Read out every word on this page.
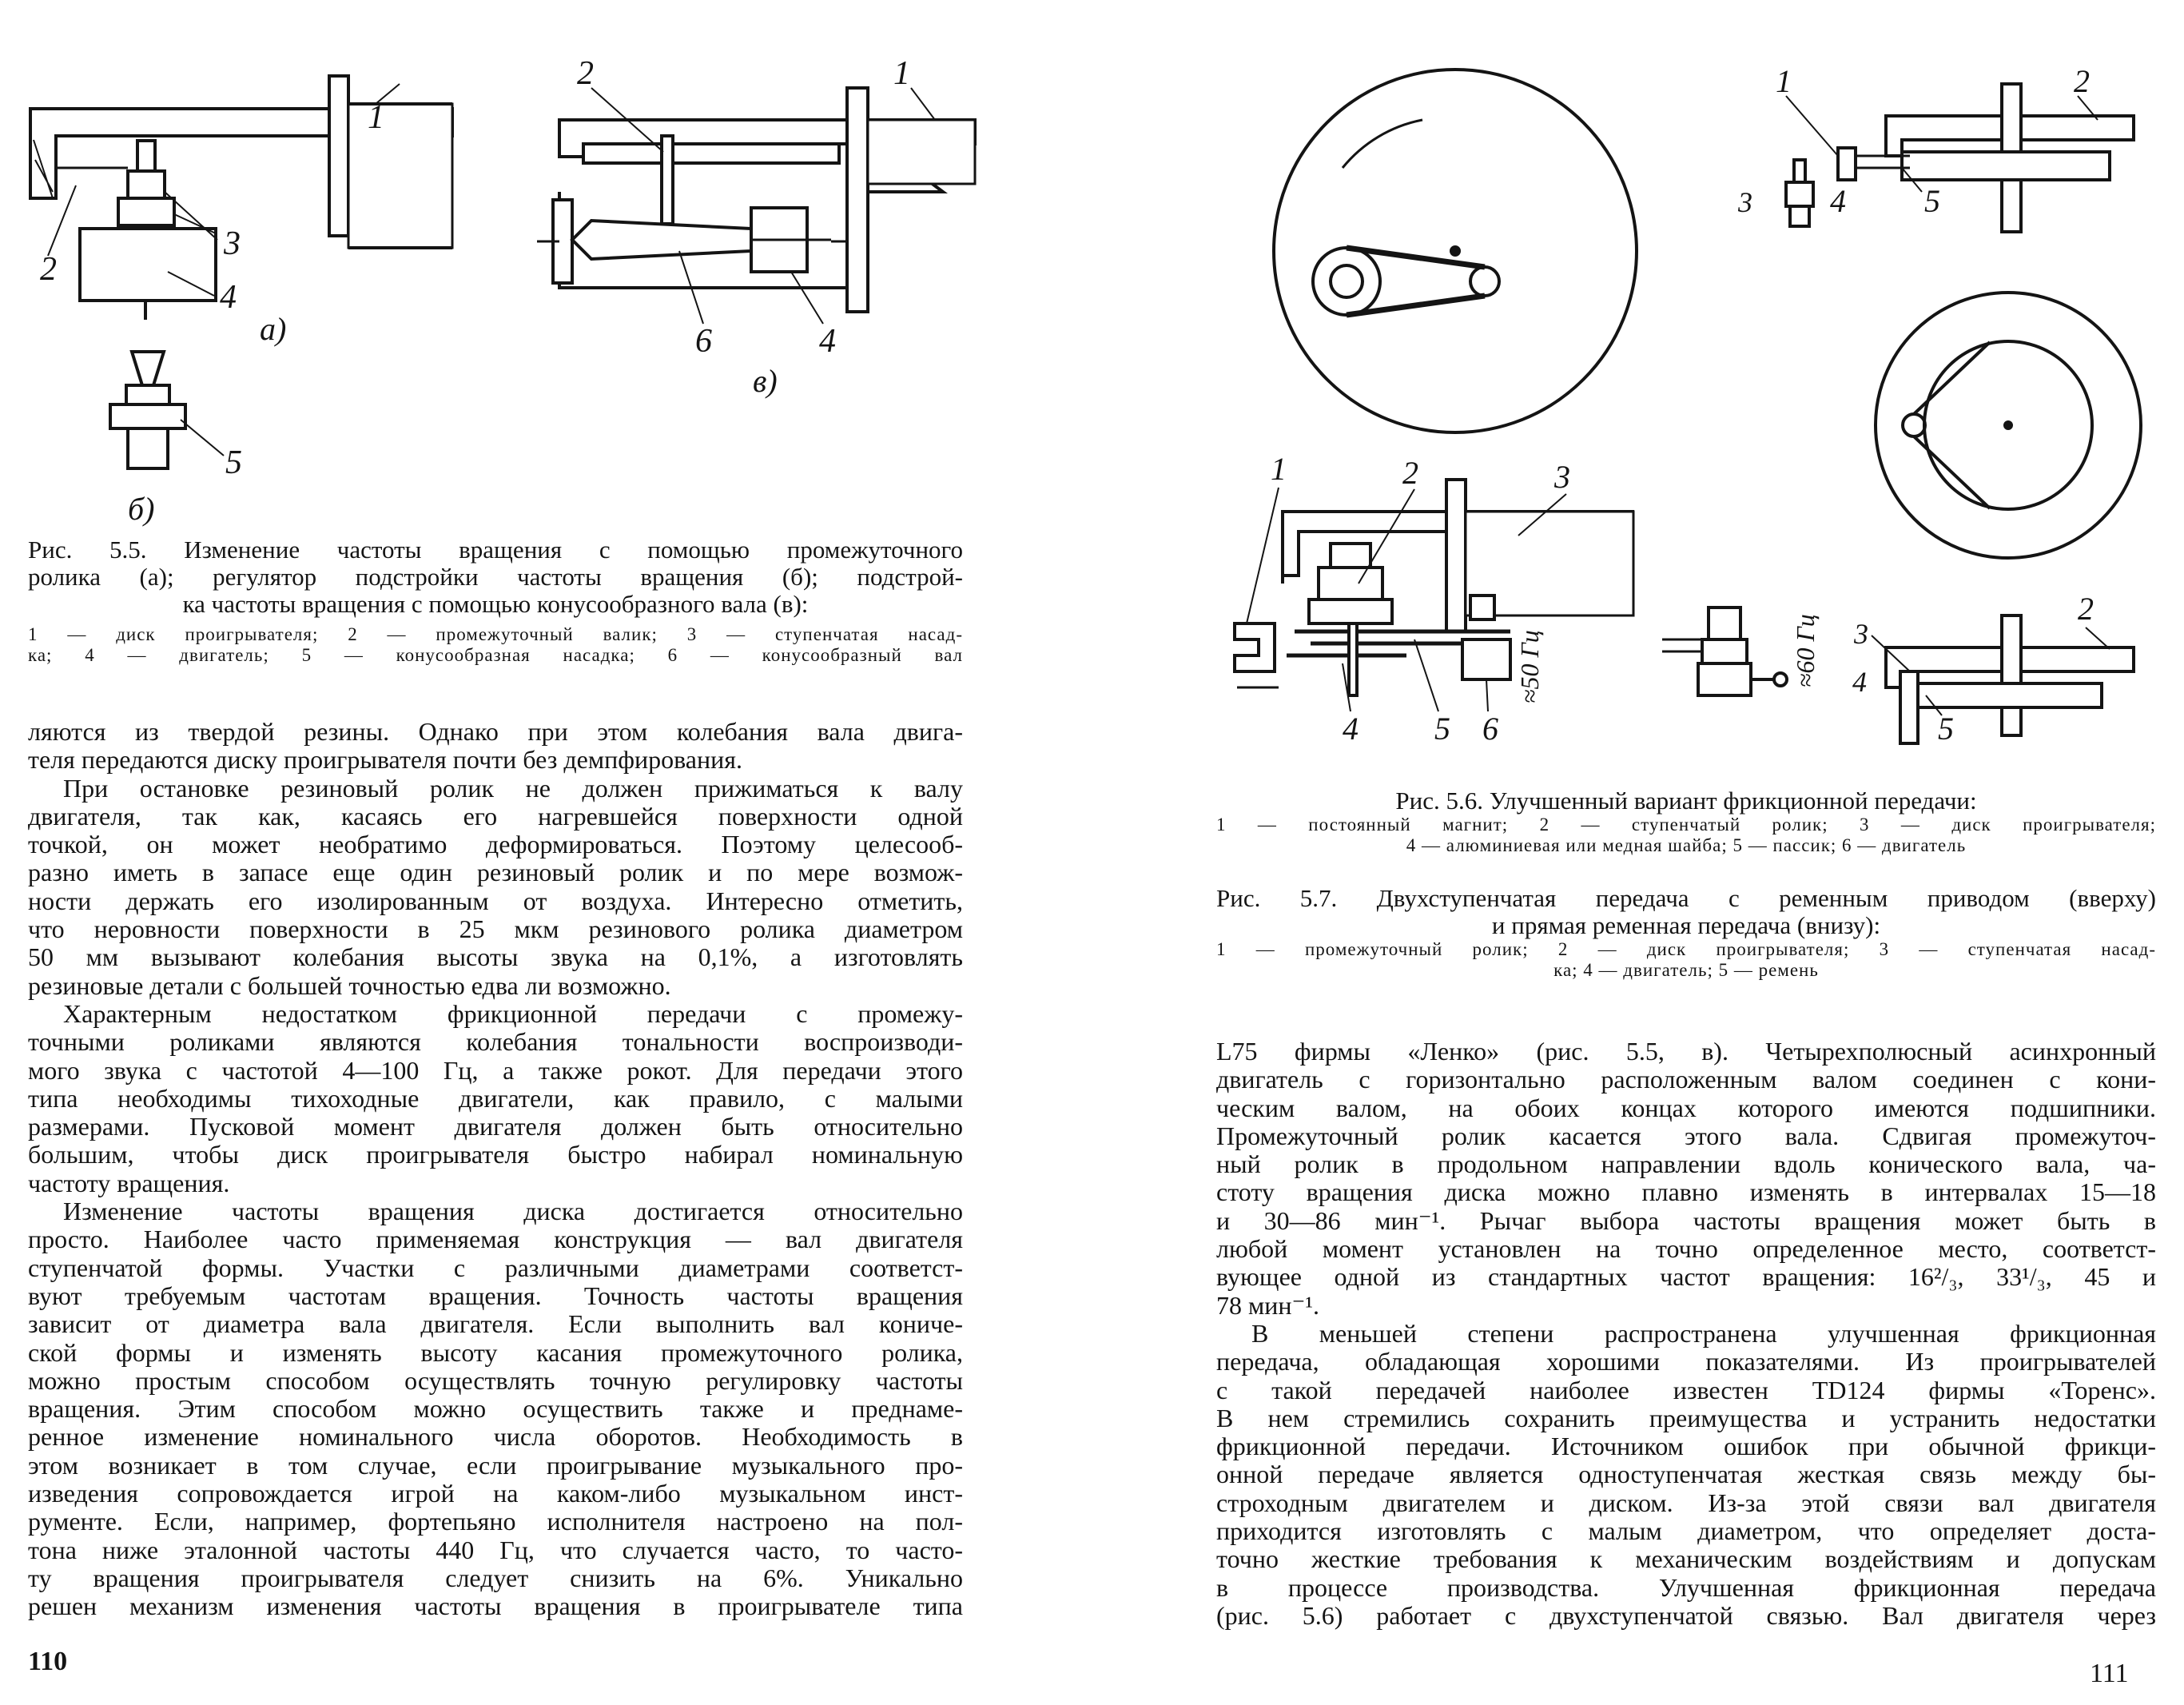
1
2
3
4
а)
5
б)
2	1
6	4
в)
1	2	3
4 5 6
≈50 Гц
1	2
3 4 5
≈60 Гц
2
3
4
5
Рис. 5.5. Изменение частоты вращения с помощью промежуточного
ролика (а); регулятор подстройки частоты вращения (б); подстрой-
ка частоты вращения с помощью конусообразного вала (в):
1 — диск проигрывателя; 2 — промежуточный валик; 3 — ступенчатая насад-
ка; 4 — двигатель; 5 — конусообразная насадка; 6 — конусообразный вал
ляются из твердой резины. Однако при этом колебания вала двига-
теля передаются диску проигрывателя почти без демпфирования.
При остановке резиновый ролик не должен прижиматься к валу
двигателя, так как, касаясь его нагревшейся поверхности одной
точкой, он может необратимо деформироваться. Поэтому целесооб-
разно иметь в запасе еще один резиновый ролик и по мере возмож-
ности держать его изолированным от воздуха. Интересно отметить,
что неровности поверхности в 25 мкм резинового ролика диаметром
50 мм вызывают колебания высоты звука на 0,1%, а изготовлять
резиновые детали с большей точностью едва ли возможно.
Характерным недостатком фрикционной передачи с промежу-
точными роликами являются колебания тональности воспроизводи-
мого звука с частотой 4—100 Гц, а также рокот. Для передачи этого
типа необходимы тихоходные двигатели, как правило, с малыми
размерами. Пусковой момент двигателя должен быть относительно
большим, чтобы диск проигрывателя быстро набирал номинальную
частоту вращения.
Изменение частоты вращения диска достигается относительно
просто. Наиболее часто применяемая конструкция — вал двигателя
ступенчатой формы. Участки с различными диаметрами соответст-
вуют требуемым частотам вращения. Точность частоты вращения
зависит от диаметра вала двигателя. Если выполнить вал кониче-
ской формы и изменять высоту касания промежуточного ролика,
можно простым способом осуществлять точную регулировку частоты
вращения. Этим способом можно осуществить также и преднаме-
ренное изменение номинального числа оборотов. Необходимость в
этом возникает в том случае, если проигрывание музыкального про-
изведения сопровождается игрой на каком-либо музыкальном инст-
рументе. Если, например, фортепьяно исполнителя настроено на пол-
тона ниже эталонной частоты 440 Гц, что случается часто, то часто-
ту вращения проигрывателя следует снизить на 6%. Уникально
решен механизм изменения частоты вращения в проигрывателе типа
110
Рис. 5.6. Улучшенный вариант фрикционной передачи:
1 — постоянный магнит; 2 — ступенчатый ролик; 3 — диск проигрывателя;
4 — алюминиевая или медная шайба; 5 — пассик; 6 — двигатель
Рис. 5.7. Двухступенчатая передача с ременным приводом (вверху)
и прямая ременная передача (внизу):
1 — промежуточный ролик; 2 — диск проигрывателя; 3 — ступенчатая насад-
ка; 4 — двигатель; 5 — ремень
L75 фирмы «Ленко» (рис. 5.5, в). Четырехполюсный асинхронный
двигатель с горизонтально расположенным валом соединен с кони-
ческим валом, на обоих концах которого имеются подшипники.
Промежуточный ролик касается этого вала. Сдвигая промежуточ-
ный ролик в продольном направлении вдоль конического вала, ча-
стоту вращения диска можно плавно изменять в интервалах 15—18
и 30—86 мин⁻¹. Рычаг выбора частоты вращения может быть в
любой момент установлен на точно определенное место, соответст-
вующее одной из стандартных частот вращения: 16²/₃, 33¹/₃, 45 и
78 мин⁻¹.
В меньшей степени распространена улучшенная фрикционная
передача, обладающая хорошими показателями. Из проигрывателей
с такой передачей наиболее известен TD124 фирмы «Торенс».
В нем стремились сохранить преимущества и устранить недостатки
фрикционной передачи. Источником ошибок при обычной фрикци-
онной передаче является одноступенчатая жесткая связь между бы-
строходным двигателем и диском. Из-за этой связи вал двигателя
приходится изготовлять с малым диаметром, что определяет доста-
точно жесткие требования к механическим воздействиям и допускам
в процессе производства. Улучшенная фрикционная передача
(рис. 5.6) работает с двухступенчатой связью. Вал двигателя через
111
